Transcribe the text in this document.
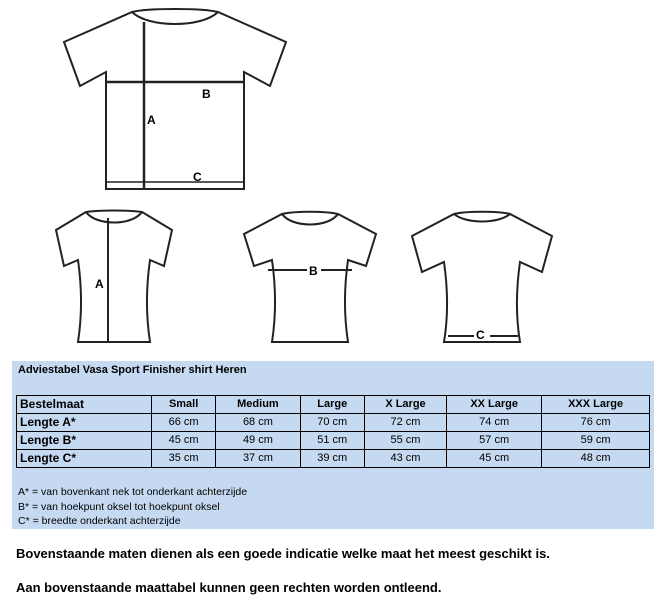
B
A
C
A
B
C
Adviestabel Vasa Sport Finisher shirt Heren
Bestelmaat	Small	Medium	Large	X Large	XX Large	XXX Large
Lengte A*	66 cm	68 cm	70 cm	72 cm	74 cm	76 cm
Lengte B*	45 cm	49 cm	51 cm	55 cm	57 cm	59 cm
Lengte C*	35 cm	37 cm	39 cm	43 cm	45 cm	48 cm
A* = van bovenkant nek tot onderkant achterzijde
B* = van hoekpunt oksel tot hoekpunt oksel
C* = breedte onderkant achterzijde
Bovenstaande maten dienen als een goede indicatie welke maat het meest geschikt is.
Aan bovenstaande maattabel kunnen geen rechten worden ontleend.
